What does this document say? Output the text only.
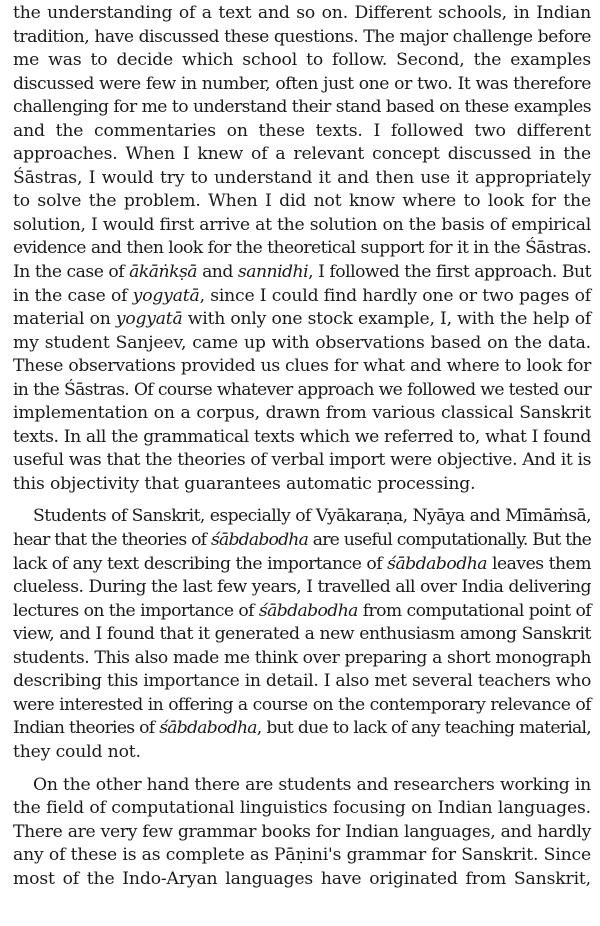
the understanding of a text and so on. Different schools, in Indian
tradition, have discussed these questions. The major challenge before
me was to decide which school to follow. Second, the examples
discussed were few in number, often just one or two. It was therefore
challenging for me to understand their stand based on these examples
and the commentaries on these texts. I followed two different
approaches. When I knew of a relevant concept discussed in the
Śāstras, I would try to understand it and then use it appropriately
to solve the problem. When I did not know where to look for the
solution, I would first arrive at the solution on the basis of empirical
evidence and then look for the theoretical support for it in the Śāstras.
In the case of ākāṅkṣā and sannidhi, I followed the first approach. But
in the case of yogyatā, since I could find hardly one or two pages of
material on yogyatā with only one stock example, I, with the help of
my student Sanjeev, came up with observations based on the data.
These observations provided us clues for what and where to look for
in the Śāstras. Of course whatever approach we followed we tested our
implementation on a corpus, drawn from various classical Sanskrit
texts. In all the grammatical texts which we referred to, what I found
useful was that the theories of verbal import were objective. And it is
this objectivity that guarantees automatic processing.

Students of Sanskrit, especially of Vyākaraṇa, Nyāya and Mīmāṁsā,
hear that the theories of śābdabodha are useful computationally. But the
lack of any text describing the importance of śābdabodha leaves them
clueless. During the last few years, I travelled all over India delivering
lectures on the importance of śābdabodha from computational point of
view, and I found that it generated a new enthusiasm among Sanskrit
students. This also made me think over preparing a short monograph
describing this importance in detail. I also met several teachers who
were interested in offering a course on the contemporary relevance of
Indian theories of śābdabodha, but due to lack of any teaching material,
they could not.

On the other hand there are students and researchers working in
the field of computational linguistics focusing on Indian languages.
There are very few grammar books for Indian languages, and hardly
any of these is as complete as Pāṇini's grammar for Sanskrit. Since
most of the Indo-Aryan languages have originated from Sanskrit,
